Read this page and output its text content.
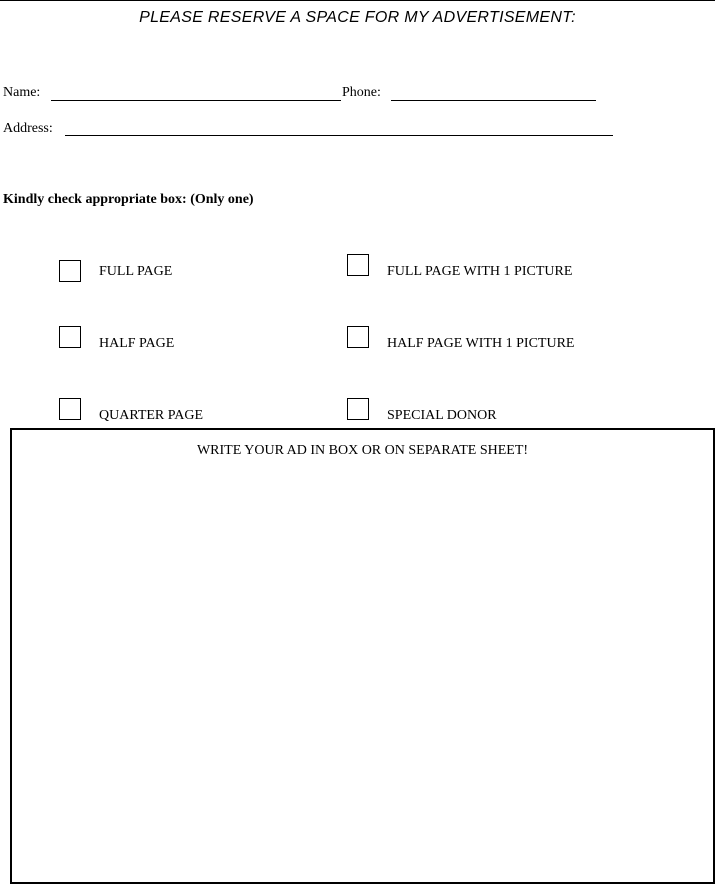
PLEASE RESERVE A SPACE FOR MY ADVERTISEMENT:
Name:	Phone:
Address:
Kindly check appropriate box: (Only one)
FULL PAGE
HALF PAGE
QUARTER PAGE
FULL PAGE WITH 1 PICTURE
HALF PAGE WITH 1 PICTURE
SPECIAL DONOR
WRITE YOUR AD IN BOX OR ON SEPARATE SHEET!
